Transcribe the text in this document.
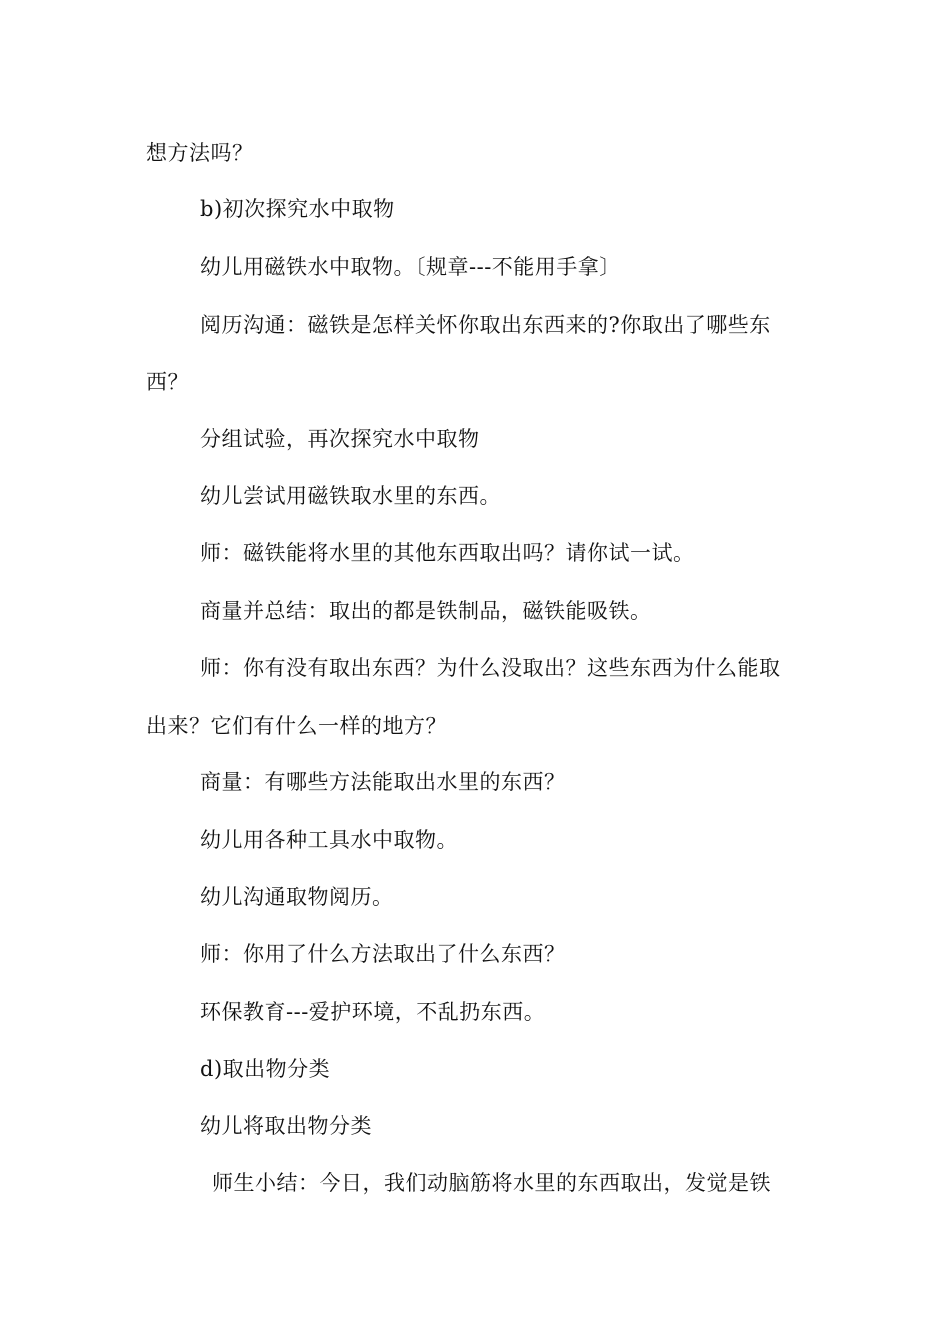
想方法吗？
b)初次探究水中取物
幼儿用磁铁水中取物。〔规章---不能用手拿〕
阅历沟通：磁铁是怎样关怀你取出东西来的?你取出了哪些东
西？
分组试验，再次探究水中取物
幼儿尝试用磁铁取水里的东西。
师：磁铁能将水里的其他东西取出吗？请你试一试。
商量并总结：取出的都是铁制品，磁铁能吸铁。
师：你有没有取出东西？为什么没取出？这些东西为什么能取
出来？它们有什么一样的地方？
商量：有哪些方法能取出水里的东西？
幼儿用各种工具水中取物。
幼儿沟通取物阅历。
师：你用了什么方法取出了什么东西？
环保教育---爱护环境，不乱扔东西。
d)取出物分类
幼儿将取出物分类
师生小结：今日，我们动脑筋将水里的东西取出，发觉是铁
